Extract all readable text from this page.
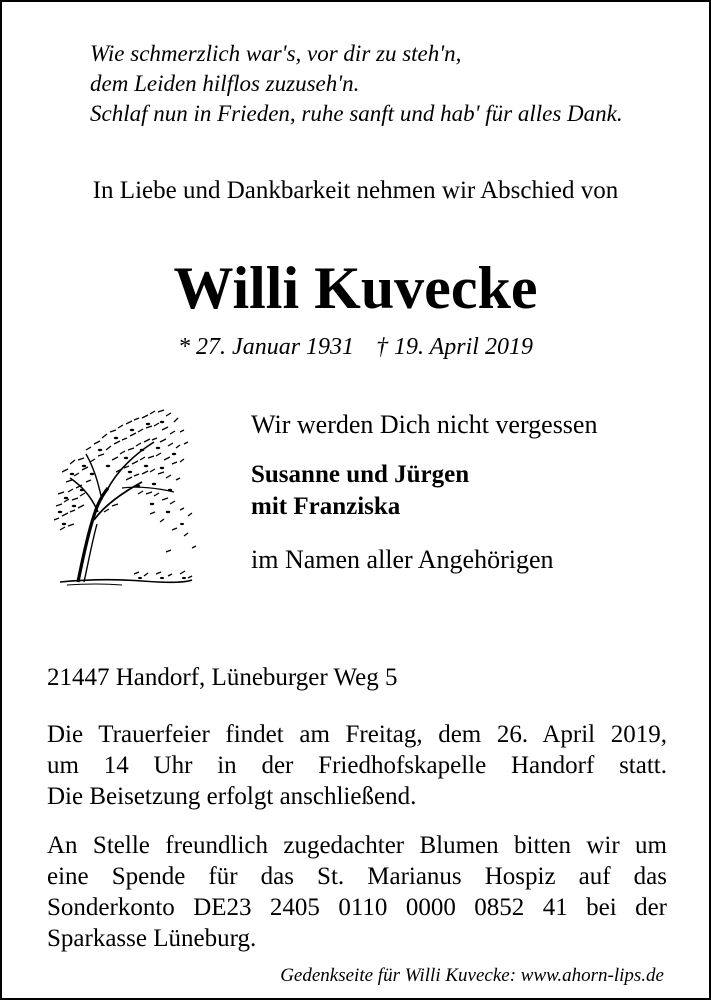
Wie schmerzlich war's, vor dir zu steh'n,
dem Leiden hilflos zuzuseh'n.
Schlaf nun in Frieden, ruhe sanft und hab' für alles Dank.
In Liebe und Dankbarkeit nehmen wir Abschied von
Willi Kuvecke
* 27. Januar 1931 † 19. April 2019
Wir werden Dich nicht vergessen
Susanne und Jürgen
mit Franziska
im Namen aller Angehörigen
21447 Handorf, Lüneburger Weg 5
Die Trauerfeier findet am Freitag, dem 26. April 2019,
um 14 Uhr in der Friedhofskapelle Handorf statt.
Die Beisetzung erfolgt anschließend.
An Stelle freundlich zugedachter Blumen bitten wir um
eine Spende für das St. Marianus Hospiz auf das
Sonderkonto DE23 2405 0110 0000 0852 41 bei der
Sparkasse Lüneburg.
Gedenkseite für Willi Kuvecke: www.ahorn-lips.de
